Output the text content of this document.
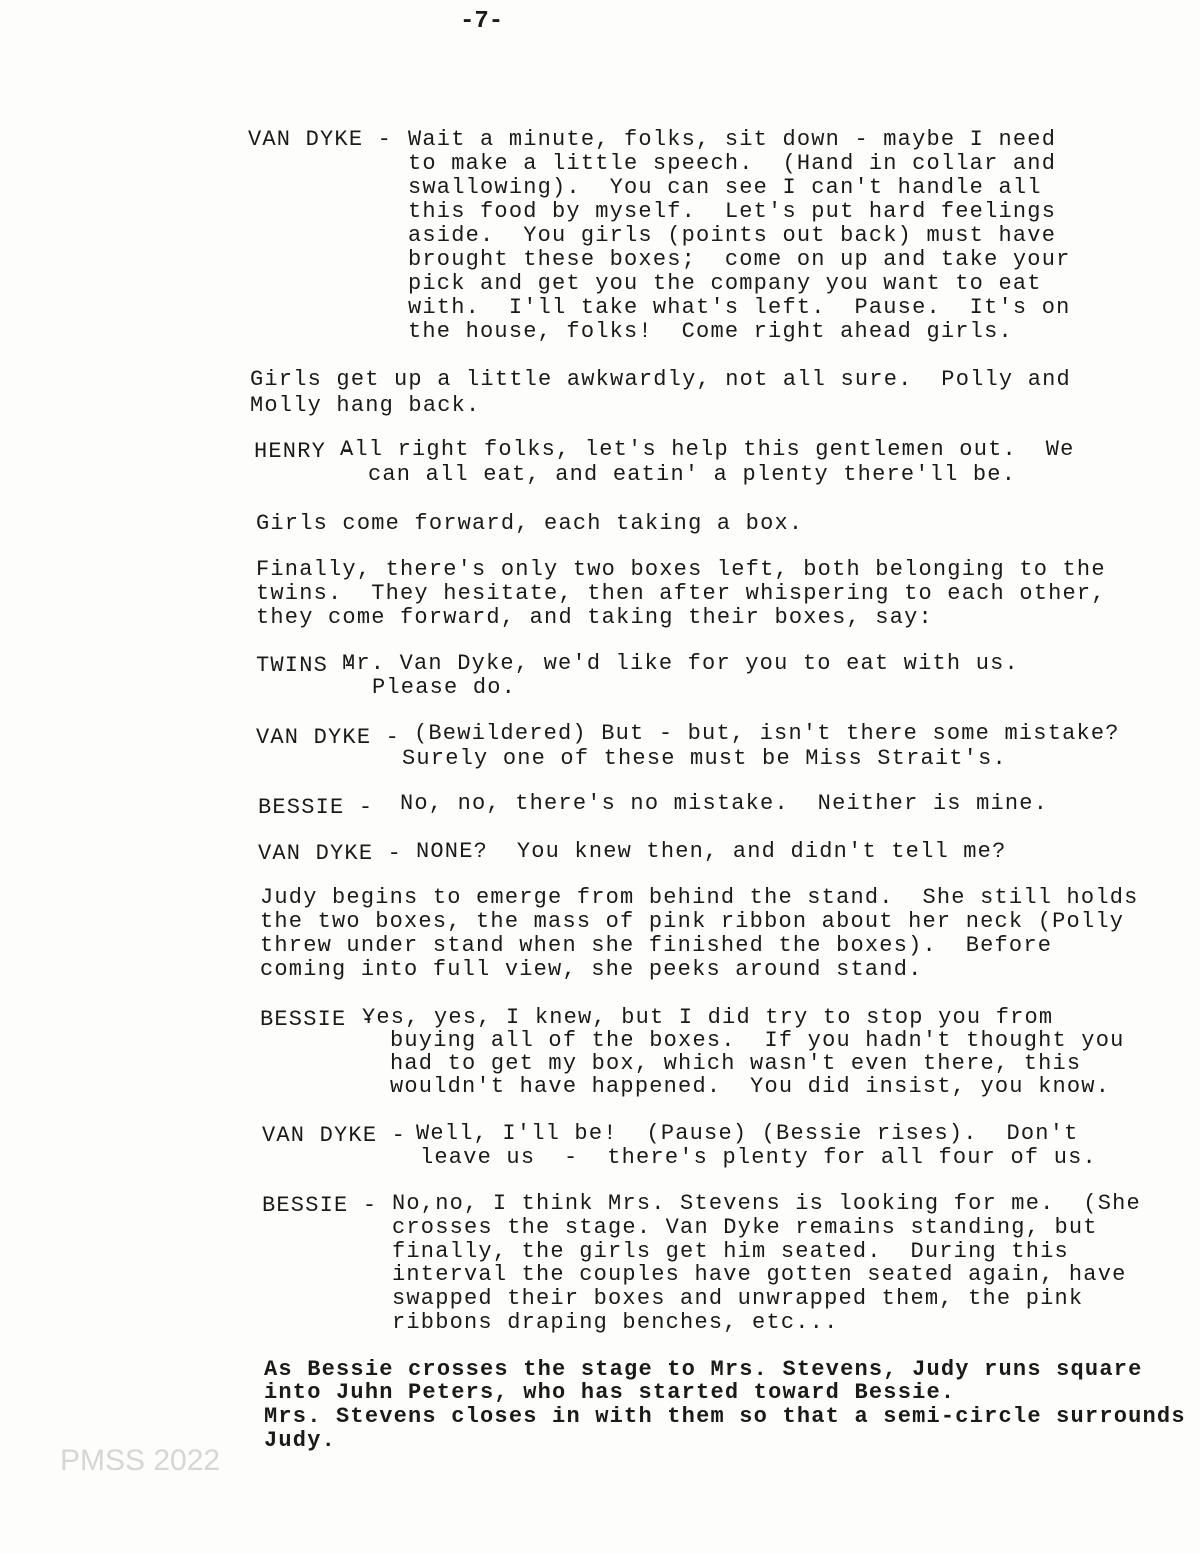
-7-
PMSS 2022
VAN DYKE - Wait a minute, folks, sit down - maybe I need
to make a little speech.  (Hand in collar and
swallowing).  You can see I can't handle all
this food by myself.  Let's put hard feelings
aside.  You girls (points out back) must have
brought these boxes;  come on up and take your
pick and get you the company you want to eat
with.  I'll take what's left.  Pause.  It's on
the house, folks!  Come right ahead girls.
Girls get up a little awkwardly, not all sure.  Polly and
Molly hang back.
HENRY -
All right folks, let's help this gentlemen out.  We
can all eat, and eatin' a plenty there'll be.
Girls come forward, each taking a box.
Finally, there's only two boxes left, both belonging to the
twins.  They hesitate, then after whispering to each other,
they come forward, and taking their boxes, say:
TWINS -
Mr. Van Dyke, we'd like for you to eat with us.
Please do.
VAN DYKE - (Bewildered) But - but, isn't there some mistake?
Surely one of these must be Miss Strait's.
BESSIE - No, no, there's no mistake.  Neither is mine.
VAN DYKE - NONE?  You knew then, and didn't tell me?
Judy begins to emerge from behind the stand.  She still holds
the two boxes, the mass of pink ribbon about her neck (Polly
threw under stand when she finished the boxes).  Before
coming into full view, she peeks around stand.
BESSIE -
Yes, yes, I knew, but I did try to stop you from
buying all of the boxes.  If you hadn't thought you
had to get my box, which wasn't even there, this
wouldn't have happened.  You did insist, you know.
VAN DYKE - Well, I'll be!  (Pause) (Bessie rises).  Don't
leave us  -  there's plenty for all four of us.
BESSIE - No,no, I think Mrs. Stevens is looking for me.  (She
crosses the stage. Van Dyke remains standing, but
finally, the girls get him seated.  During this
interval the couples have gotten seated again, have
swapped their boxes and unwrapped them, the pink
ribbons draping benches, etc...
As Bessie crosses the stage to Mrs. Stevens, Judy runs square
into Juhn Peters, who has started toward Bessie.
Mrs. Stevens closes in with them so that a semi-circle surrounds
Judy.
